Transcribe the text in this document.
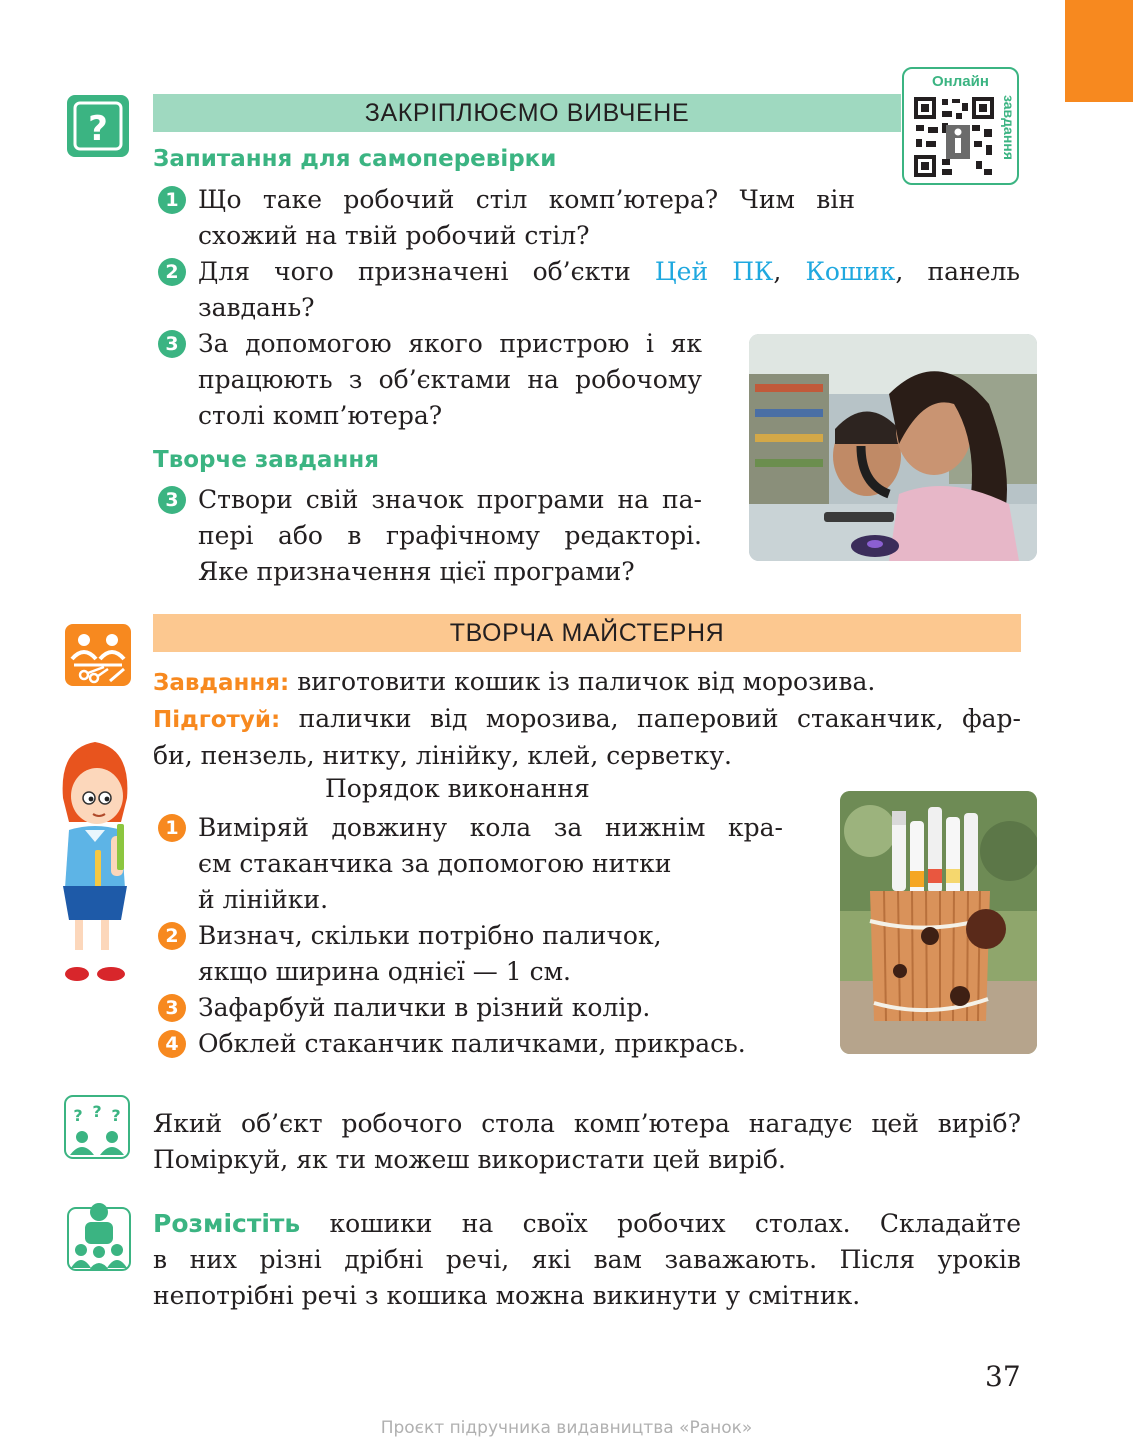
?	ЗАКРІПЛЮЄМО ВИВЧЕНЕ
Онлайн
завдання
Запитання для самоперевірки
1 Що таке робочий стіл комп’ютера? Чим він
схожий на твій робочий стіл?
2 Для чого призначені об’єкти Цей ПК, Кошик, панель
завдань?
3 За допомогою якого пристрою і як
працюють з об’єктами на робочому
столі комп’ютера?
Творче завдання
3 Створи свій значок програми на па-
пері або в графічному редакторі.
Яке призначення цієї програми?
ТВОРЧА МАЙСТЕРНЯ
Завдання: виготовити кошик із паличок від морозива.
Підготуй: палички від морозива, паперовий стаканчик, фар-
би, пензель, нитку, лінійку, клей, серветку.
Порядок виконання
1 Виміряй довжину кола за нижнім кра-
єм стаканчика за допомогою нитки
й лінійки.
2 Визнач, скільки потрібно паличок,
якщо ширина однієї — 1 см.
3 Зафарбуй палички в різний колір.
4 Обклей стаканчик паличками, прикрась.
? ? ? Який об’єкт робочого стола комп’ютера нагадує цей виріб?
Поміркуй, як ти можеш використати цей виріб.
Розмістіть кошики на своїх робочих столах. Складайте
в них різні дрібні речі, які вам заважають. Після уроків
непотрібні речі з кошика можна викинути у смітник.
37
Проєкт підручника видавництва «Ранок»
